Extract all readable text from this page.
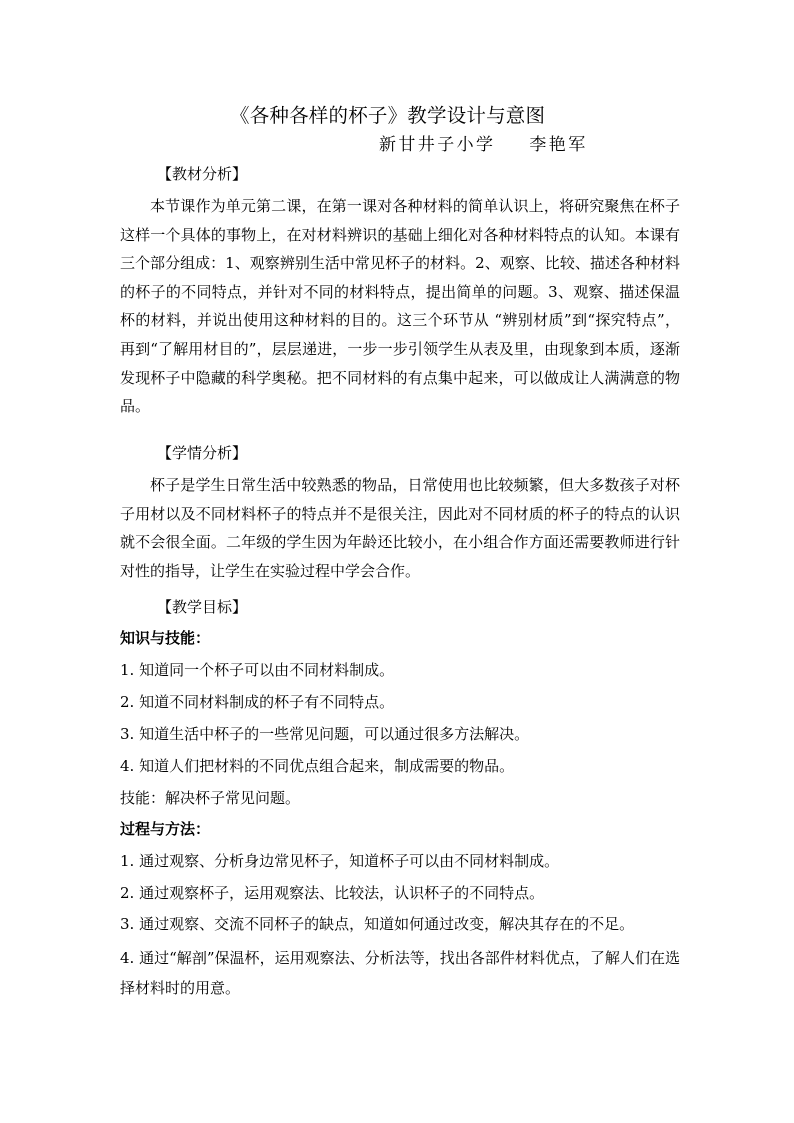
《各种各样的杯子》教学设计与意图
新甘井子小学 李艳军
【教材分析】

本节课作为单元第二课，在第一课对各种材料的简单认识上，将研究聚焦在杯子这样一个具体的事物上，在对材料辨识的基础上细化对各种材料特点的认知。本课有三个部分组成：1、观察辨别生活中常见杯子的材料。2、观察、比较、描述各种材料的杯子的不同特点，并针对不同的材料特点，提出简单的问题。3、观察、描述保温杯的材料，并说出使用这种材料的目的。这三个环节从 “辨别材质”到“探究特点”，再到“了解用材目的”，层层递进，一步一步引领学生从表及里，由现象到本质，逐渐发现杯子中隐藏的科学奥秘。把不同材料的有点集中起来，可以做成让人满满意的物品。

【学情分析】

杯子是学生日常生活中较熟悉的物品，日常使用也比较频繁，但大多数孩子对杯子用材以及不同材料杯子的特点并不是很关注，因此对不同材质的杯子的特点的认识就不会很全面。二年级的学生因为年龄还比较小，在小组合作方面还需要教师进行针对性的指导，让学生在实验过程中学会合作。

【教学目标】
知识与技能：
1. 知道同一个杯子可以由不同材料制成。
2. 知道不同材料制成的杯子有不同特点。
3. 知道生活中杯子的一些常见问题，可以通过很多方法解决。
4. 知道人们把材料的不同优点组合起来，制成需要的物品。
技能：解决杯子常见问题。
过程与方法：
1. 通过观察、分析身边常见杯子，知道杯子可以由不同材料制成。
2. 通过观察杯子，运用观察法、比较法，认识杯子的不同特点。
3. 通过观察、交流不同杯子的缺点，知道如何通过改变，解决其存在的不足。

4. 通过“解剖”保温杯，运用观察法、分析法等，找出各部件材料优点，了解人们在选择材料时的用意。
